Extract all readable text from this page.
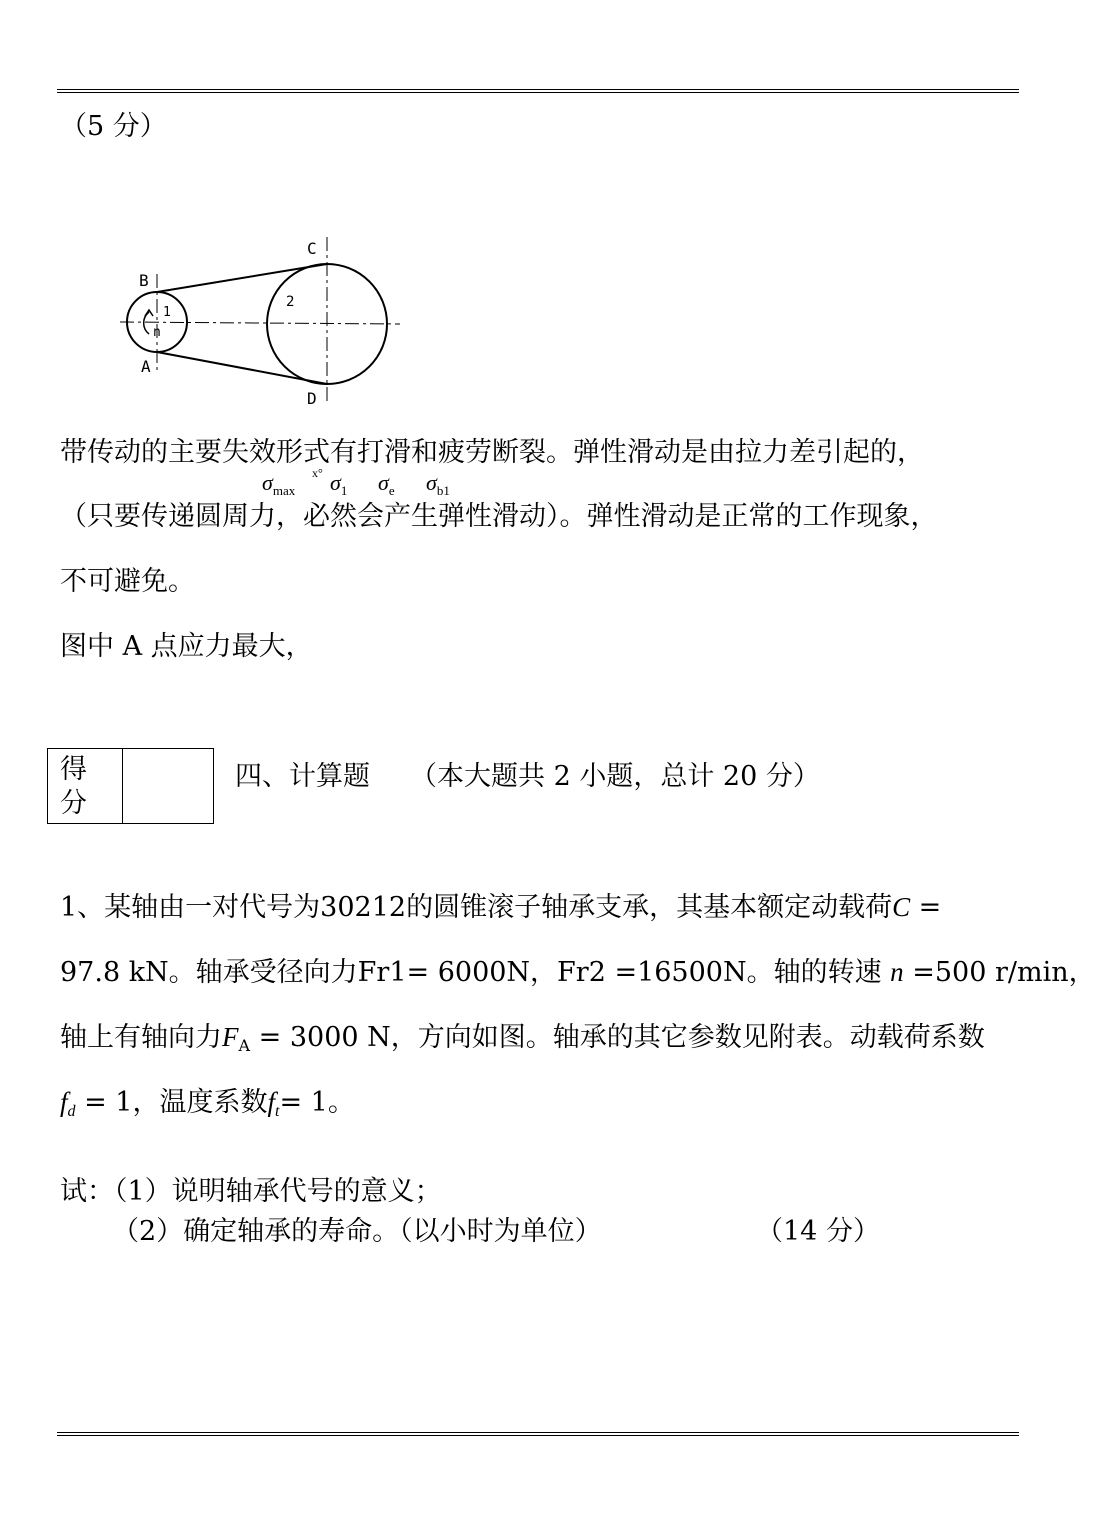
（5 分）
B
A
C
D
1
2
n
带传动的主要失效形式有打滑和疲劳断裂。弹性滑动是由拉力差引起的，
$\sigma_{max}$
x° $\sigma_1$ $\sigma_e$ $\sigma_{b1}$
（只要传递圆周力，必然会产生弹性滑动）。弹性滑动是正常的工作现象，
不可避免。
图中 A 点应力最大，
得
分
四、计算题 （本大题共 2 小题，总计 20 分）
1、某轴由一对代号为30212的圆锥滚子轴承支承，其基本额定动载荷C =
97.8 kN。轴承受径向力Fr1= 6000N，Fr2 =16500N。轴的转速 n =500 r/min，
轴上有轴向力$F_A = 3000$ N，方向如图。轴承的其它参数见附表。动载荷系数
$f_d = 1$，温度系数$f_t= 1$。
试：（1）说明轴承代号的意义；
（2）确定轴承的寿命。（以小时为单位）	（14 分）
